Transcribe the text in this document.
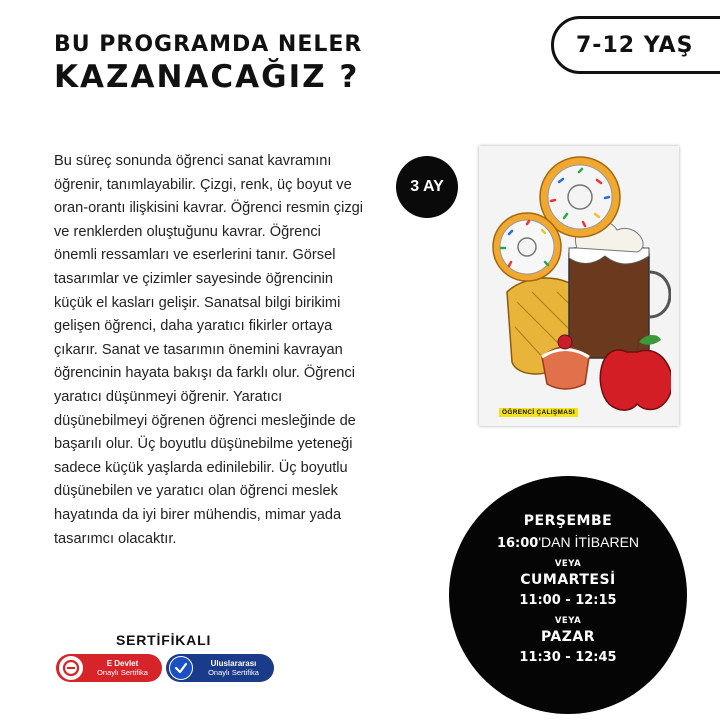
BU PROGRAMDA NELER
KAZANACAĞIZ ?
7-12 YAŞ

Bu süreç sonunda öğrenci sanat kavramını öğrenir, tanımlayabilir. Çizgi, renk, üç boyut ve oran-orantı ilişkisini kavrar. Öğrenci resmin çizgi ve renklerden oluştuğunu kavrar. Öğrenci önemli ressamları ve eserlerini tanır. Görsel tasarımlar ve çizimler sayesinde öğrencinin küçük el kasları gelişir. Sanatsal bilgi birikimi gelişen öğrenci, daha yaratıcı fikirler ortaya çıkarır. Sanat ve tasarımın önemini kavrayan öğrencinin hayata bakışı da farklı olur. Öğrenci yaratıcı düşünmeyi öğrenir. Yaratıcı düşünebilmeyi öğrenen öğrenci mesleğinde de başarılı olur. Üç boyutlu düşünebilme yeteneği sadece küçük yaşlarda edinilebilir. Üç boyutlu düşünebilen ve yaratıcı olan öğrenci meslek hayatında da iyi birer mühendis, mimar yada tasarımcı olacaktır.

3 AY
ÖĞRENCİ ÇALIŞMASI
PERŞEMBE
16:00'DAN İTİBAREN
VEYA
CUMARTESİ
11:00 - 12:15
VEYA
PAZAR
11:30 - 12:45
SERTİFİKALI
E Devlet
Onaylı Sertifika
Uluslararası
Onaylı Sertifika
